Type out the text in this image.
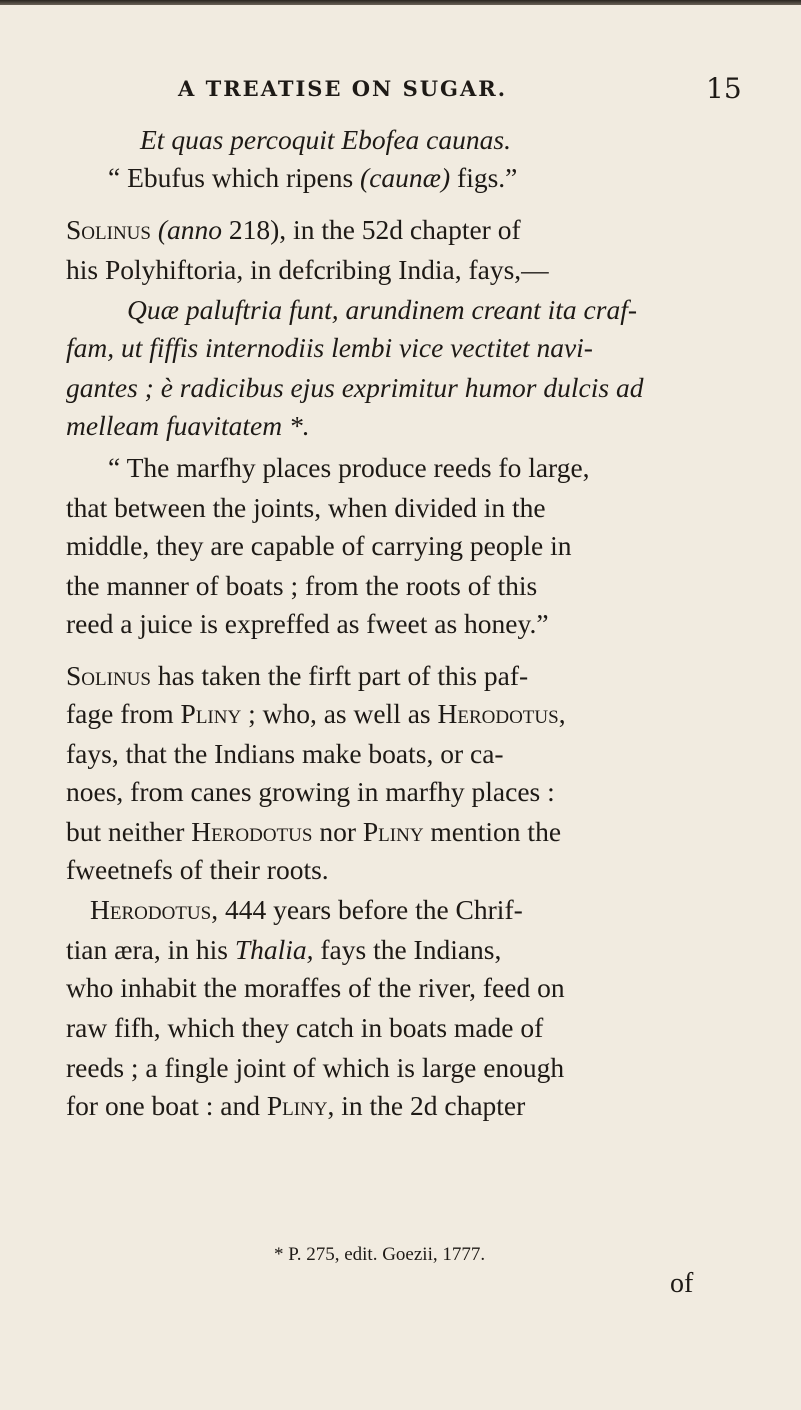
A TREATISE ON SUGAR.	15
Et quas percoquit Ebofea caunas.
“ Ebufus which ripens (caunæ) figs.”
Solinus (anno 218), in the 52d chapter of
his Polyhiftoria, in defcribing India, fays,—
Quæ paluftria funt, arundinem creant ita craf-
fam, ut fiffis internodiis lembi vice vectitet navi-
gantes ; è radicibus ejus exprimitur humor dulcis ad
melleam fuavitatem *.
“ The marfhy places produce reeds fo large,
that between the joints, when divided in the
middle, they are capable of carrying people in
the manner of boats ; from the roots of this
reed a juice is expreffed as fweet as honey.”
Solinus has taken the firft part of this paf-
fage from Pliny ; who, as well as Herodotus,
fays, that the Indians make boats, or ca-
noes, from canes growing in marfhy places :
but neither Herodotus nor Pliny mention the
fweetnefs of their roots.
Herodotus, 444 years before the Chrif-
tian æra, in his Thalia, fays the Indians,
who inhabit the moraffes of the river, feed on
raw fifh, which they catch in boats made of
reeds ; a fingle joint of which is large enough
for one boat : and Pliny, in the 2d chapter
* P. 275, edit. Goezii, 1777.
of
